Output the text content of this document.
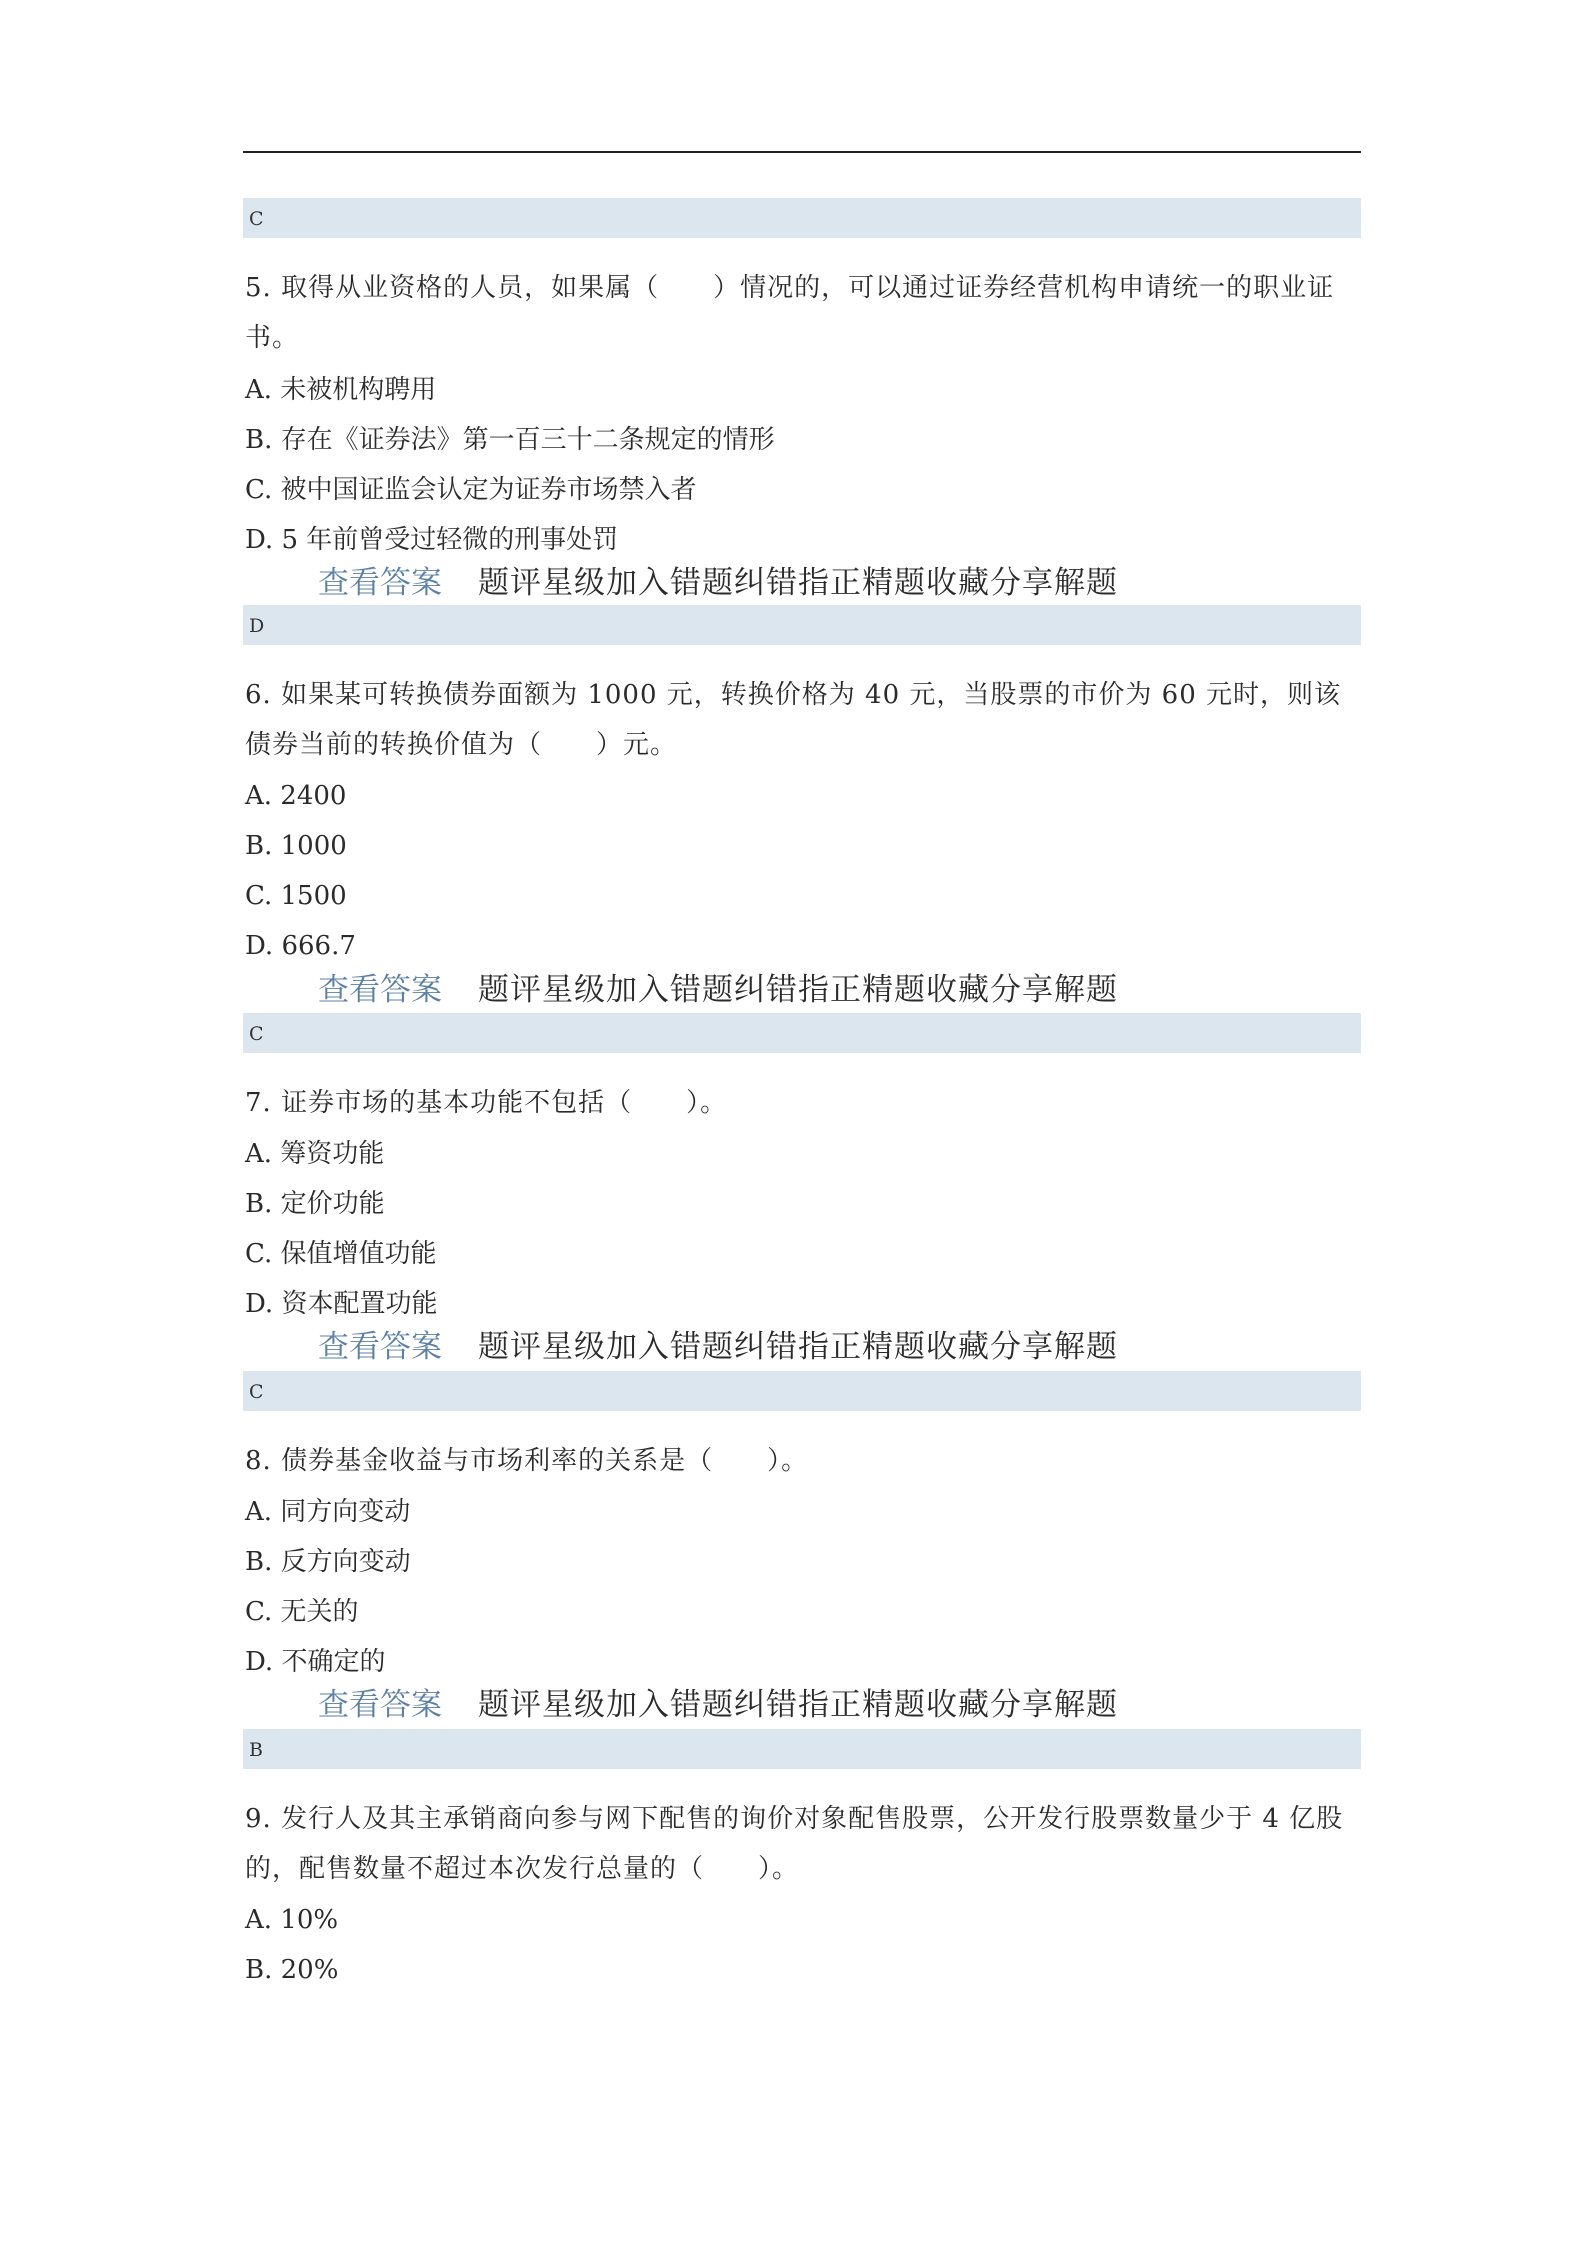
C
5. 取得从业资格的人员，如果属（　　）情况的，可以通过证券经营机构申请统一的职业证书。
A. 未被机构聘用
B. 存在《证券法》第一百三十二条规定的情形
C. 被中国证监会认定为证券市场禁入者
D. 5 年前曾受过轻微的刑事处罚
查看答案 题评星级加入错题纠错指正精题收藏分享解题
D
6. 如果某可转换债券面额为 1000 元，转换价格为 40 元，当股票的市价为 60 元时，则该债券当前的转换价值为（　　）元。
A. 2400
B. 1000
C. 1500
D. 666.7
查看答案 题评星级加入错题纠错指正精题收藏分享解题
C
7. 证券市场的基本功能不包括（　　）。
A. 筹资功能
B. 定价功能
C. 保值增值功能
D. 资本配置功能
查看答案 题评星级加入错题纠错指正精题收藏分享解题
C
8. 债券基金收益与市场利率的关系是（　　）。
A. 同方向变动
B. 反方向变动
C. 无关的
D. 不确定的
查看答案 题评星级加入错题纠错指正精题收藏分享解题
B
9. 发行人及其主承销商向参与网下配售的询价对象配售股票，公开发行股票数量少于 4 亿股的，配售数量不超过本次发行总量的（　　）。
A. 10%
B. 20%
